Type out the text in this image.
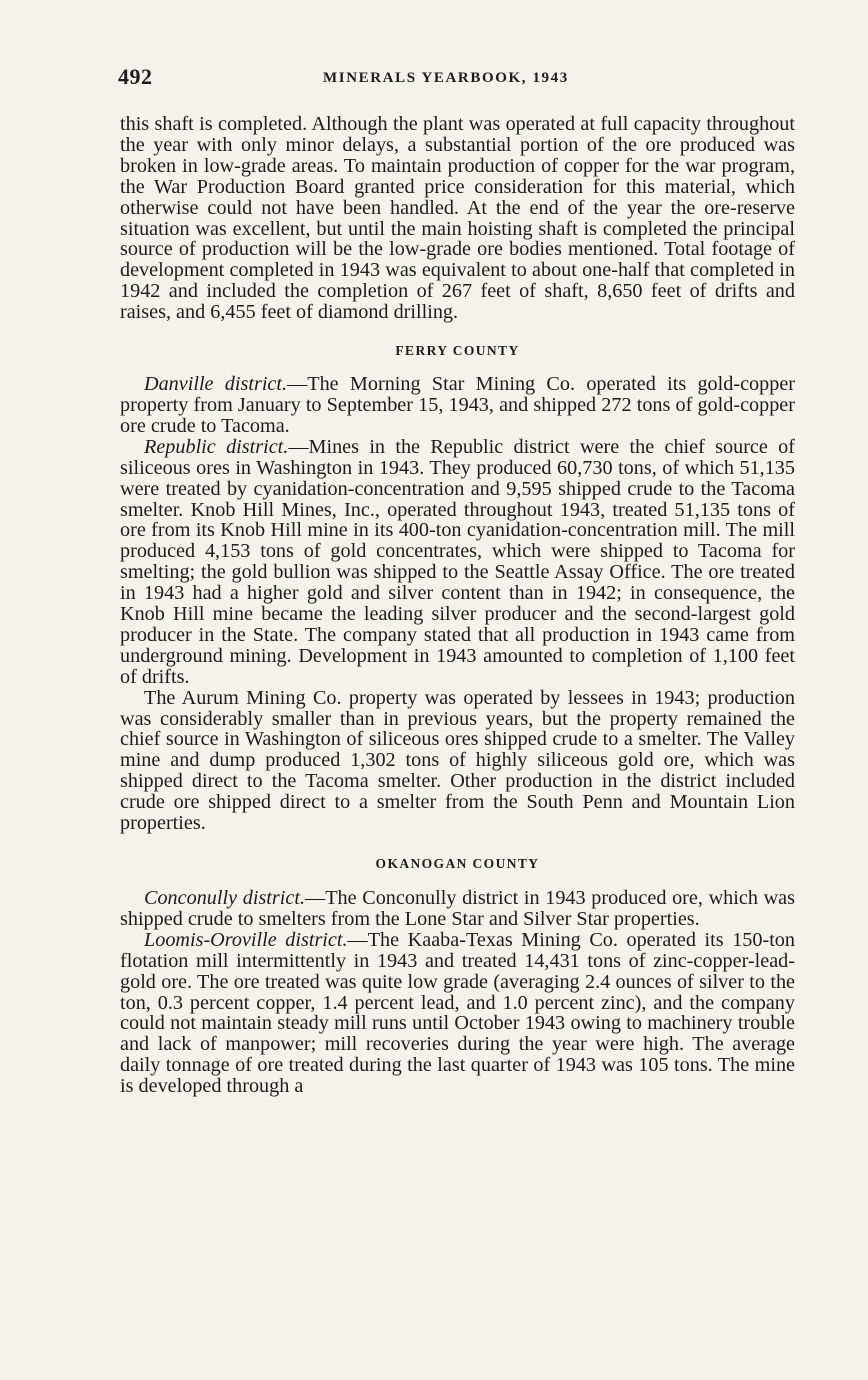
492	MINERALS YEARBOOK, 1943

this shaft is completed. Although the plant was operated at full capacity throughout the year with only minor delays, a substantial portion of the ore produced was broken in low-grade areas. To maintain production of copper for the war program, the War Production Board granted price consideration for this material, which otherwise could not have been handled. At the end of the year the ore-reserve situation was excellent, but until the main hoisting shaft is completed the principal source of production will be the low-grade ore bodies mentioned. Total footage of development completed in 1943 was equivalent to about one-half that completed in 1942 and included the completion of 267 feet of shaft, 8,650 feet of drifts and raises, and 6,455 feet of diamond drilling.

FERRY COUNTY

Danville district.—The Morning Star Mining Co. operated its gold-copper property from January to September 15, 1943, and shipped 272 tons of gold-copper ore crude to Tacoma.

Republic district.—Mines in the Republic district were the chief source of siliceous ores in Washington in 1943. They produced 60,730 tons, of which 51,135 were treated by cyanidation-concentration and 9,595 shipped crude to the Tacoma smelter. Knob Hill Mines, Inc., operated throughout 1943, treated 51,135 tons of ore from its Knob Hill mine in its 400-ton cyanidation-concentration mill. The mill produced 4,153 tons of gold concentrates, which were shipped to Tacoma for smelting; the gold bullion was shipped to the Seattle Assay Office. The ore treated in 1943 had a higher gold and silver content than in 1942; in consequence, the Knob Hill mine became the leading silver producer and the second-largest gold producer in the State. The company stated that all production in 1943 came from underground mining. Development in 1943 amounted to completion of 1,100 feet of drifts.

The Aurum Mining Co. property was operated by lessees in 1943; production was considerably smaller than in previous years, but the property remained the chief source in Washington of siliceous ores shipped crude to a smelter. The Valley mine and dump produced 1,302 tons of highly siliceous gold ore, which was shipped direct to the Tacoma smelter. Other production in the district included crude ore shipped direct to a smelter from the South Penn and Mountain Lion properties.

OKANOGAN COUNTY

Conconully district.—The Conconully district in 1943 produced ore, which was shipped crude to smelters from the Lone Star and Silver Star properties.

Loomis-Oroville district.—The Kaaba-Texas Mining Co. operated its 150-ton flotation mill intermittently in 1943 and treated 14,431 tons of zinc-copper-lead-gold ore. The ore treated was quite low grade (averaging 2.4 ounces of silver to the ton, 0.3 percent copper, 1.4 percent lead, and 1.0 percent zinc), and the company could not maintain steady mill runs until October 1943 owing to machinery trouble and lack of manpower; mill recoveries during the year were high. The average daily tonnage of ore treated during the last quarter of 1943 was 105 tons. The mine is developed through a
